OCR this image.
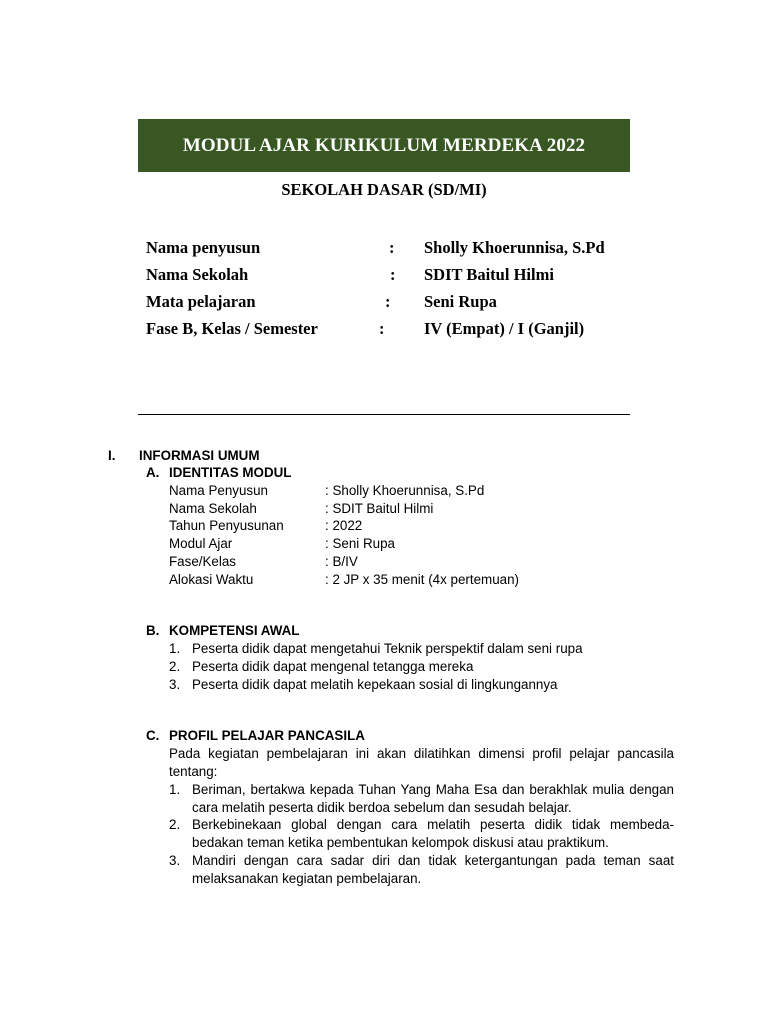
MODUL AJAR KURIKULUM MERDEKA 2022
SEKOLAH DASAR (SD/MI)
Nama penyusun	: Sholly Khoerunnisa, S.Pd
Nama Sekolah	: SDIT Baitul Hilmi
Mata pelajaran	: Seni Rupa
Fase B, Kelas / Semester	: IV (Empat) / I (Ganjil)
I. INFORMASI UMUM
A. IDENTITAS MODUL
Nama Penyusun	: Sholly Khoerunnisa, S.Pd
Nama Sekolah	: SDIT Baitul Hilmi
Tahun Penyusunan	: 2022
Modul Ajar	: Seni Rupa
Fase/Kelas	: B/IV
Alokasi Waktu	: 2 JP x 35 menit (4x pertemuan)
B. KOMPETENSI AWAL
1. Peserta didik dapat mengetahui Teknik perspektif dalam seni rupa
2. Peserta didik dapat mengenal tetangga mereka
3. Peserta didik dapat melatih kepekaan sosial di lingkungannya
C. PROFIL PELAJAR PANCASILA
Pada kegiatan pembelajaran ini akan dilatihkan dimensi profil pelajar pancasila tentang:
1. Beriman, bertakwa kepada Tuhan Yang Maha Esa dan berakhlak mulia dengan cara melatih peserta didik berdoa sebelum dan sesudah belajar.
2. Berkebinekaan global dengan cara melatih peserta didik tidak membeda-bedakan teman ketika pembentukan kelompok diskusi atau praktikum.
3. Mandiri dengan cara sadar diri dan tidak ketergantungan pada teman saat melaksanakan kegiatan pembelajaran.
